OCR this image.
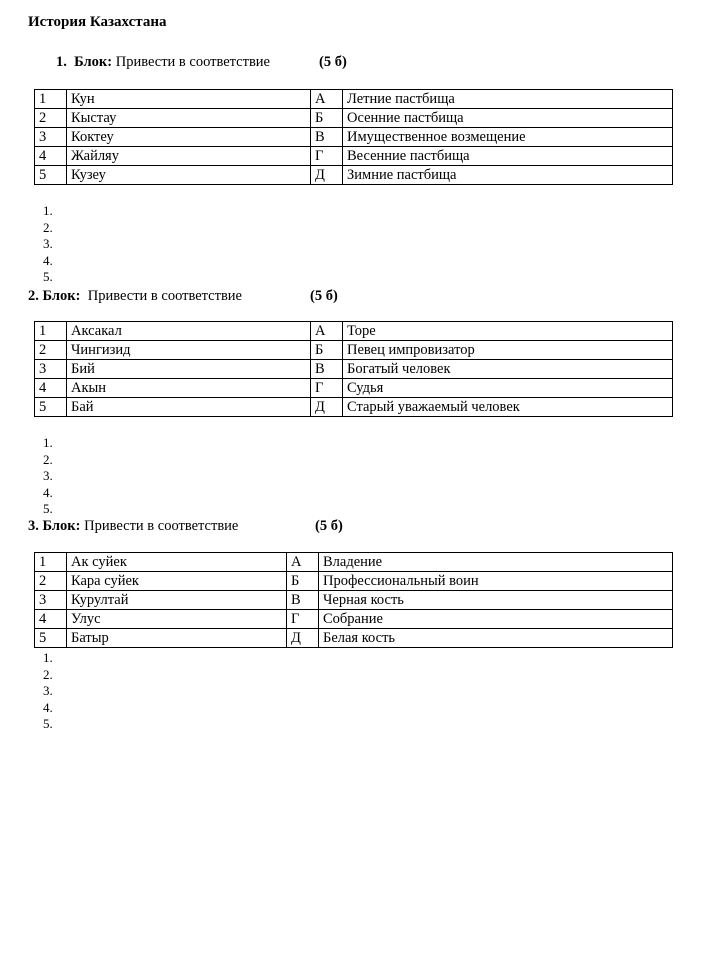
История Казахстана
1. Блок: Привести в соответствие	(5 б)
1	Кун	А	Летние пастбища
2	Кыстау	Б	Осенние пастбища
3	Коктеу	В	Имущественное возмещение
4	Жайляу	Г	Весенние пастбища
5	Кузеу	Д	Зимние пастбища
1.
2.
3.
4.
5.
2. Блок: Привести в соответствие	(5 б)
1	Аксакал	А	Торе
2	Чингизид	Б	Певец импровизатор
3	Бий	В	Богатый человек
4	Акын	Г	Судья
5	Бай	Д	Старый уважаемый человек
1.
2.
3.
4.
5.
3. Блок: Привести в соответствие	(5 б)
1	Ак суйек	А	Владение
2	Кара суйек	Б	Профессиональный воин
3	Курултай	В	Черная кость
4	Улус	Г	Собрание
5	Батыр	Д	Белая кость
1.
2.
3.
4.
5.
